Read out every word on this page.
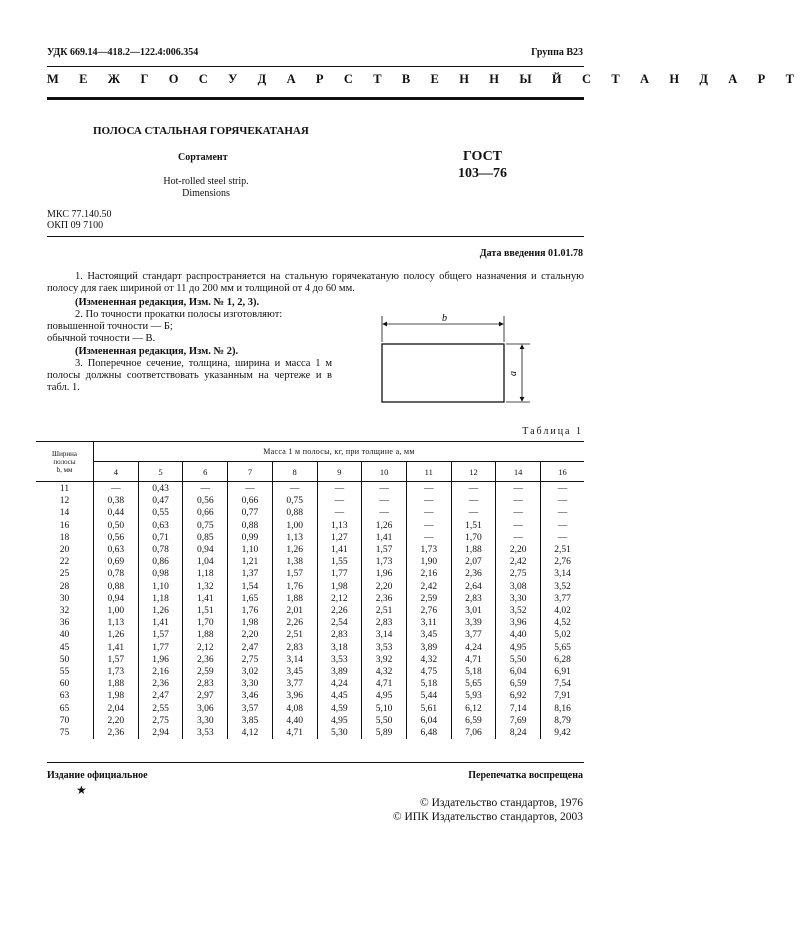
УДК 669.14—418.2—122.4:006.354	Группа В23
М Е Ж Г О С У Д А Р С Т В Е Н Н Ы Й С Т А Н Д А Р Т
ПОЛОСА СТАЛЬНАЯ ГОРЯЧЕКАТАНАЯ
Сортамент	ГОСТ
103—76
Hot-rolled steel strip.
Dimensions
МКС 77.140.50
ОКП 09 7100
Дата введения 01.01.78
1. Настоящий стандарт распространяется на стальную горячекатаную полосу общего назначения и стальную полосу для гаек шириной от 11 до 200 мм и толщиной от 4 до 60 мм.
(Измененная редакция, Изм. № 1, 2, 3).
2. По точности прокатки полосы изготовляют:
повышенной точности — Б;
обычной точности — В.
(Измененная редакция, Изм. № 2).
3. Поперечное сечение, толщина, ширина и масса 1 м полосы должны соответствовать указанным на чертеже и в табл. 1.
b
a
Таблица 1
Ширина
полосы
b, мм	Масса 1 м полосы, кг, при толщине a, мм										
	4	5	6	7	8	9	10	11	12	14	16
11	—	0,43	—	—	—	—	—	—	—	—	—
12	0,38	0,47	0,56	0,66	0,75	—	—	—	—	—	—
14	0,44	0,55	0,66	0,77	0,88	—	—	—	—	—	—
16	0,50	0,63	0,75	0,88	1,00	1,13	1,26	—	1,51	—	—
18	0,56	0,71	0,85	0,99	1,13	1,27	1,41	—	1,70	—	—
20	0,63	0,78	0,94	1,10	1,26	1,41	1,57	1,73	1,88	2,20	2,51
22	0,69	0,86	1,04	1,21	1,38	1,55	1,73	1,90	2,07	2,42	2,76
25	0,78	0,98	1,18	1,37	1,57	1,77	1,96	2,16	2,36	2,75	3,14
28	0,88	1,10	1,32	1,54	1,76	1,98	2,20	2,42	2,64	3,08	3,52
30	0,94	1,18	1,41	1,65	1,88	2,12	2,36	2,59	2,83	3,30	3,77
32	1,00	1,26	1,51	1,76	2,01	2,26	2,51	2,76	3,01	3,52	4,02
36	1,13	1,41	1,70	1,98	2,26	2,54	2,83	3,11	3,39	3,96	4,52
40	1,26	1,57	1,88	2,20	2,51	2,83	3,14	3,45	3,77	4,40	5,02
45	1,41	1,77	2,12	2,47	2,83	3,18	3,53	3,89	4,24	4,95	5,65
50	1,57	1,96	2,36	2,75	3,14	3,53	3,92	4,32	4,71	5,50	6,28
55	1,73	2,16	2,59	3,02	3,45	3,89	4,32	4,75	5,18	6,04	6,91
60	1,88	2,36	2,83	3,30	3,77	4,24	4,71	5,18	5,65	6,59	7,54
63	1,98	2,47	2,97	3,46	3,96	4,45	4,95	5,44	5,93	6,92	7,91
65	2,04	2,55	3,06	3,57	4,08	4,59	5,10	5,61	6,12	7,14	8,16
70	2,20	2,75	3,30	3,85	4,40	4,95	5,50	6,04	6,59	7,69	8,79
75	2,36	2,94	3,53	4,12	4,71	5,30	5,89	6,48	7,06	8,24	9,42
Издание официальное	Перепечатка воспрещена
★
© Издательство стандартов, 1976
© ИПК Издательство стандартов, 2003
